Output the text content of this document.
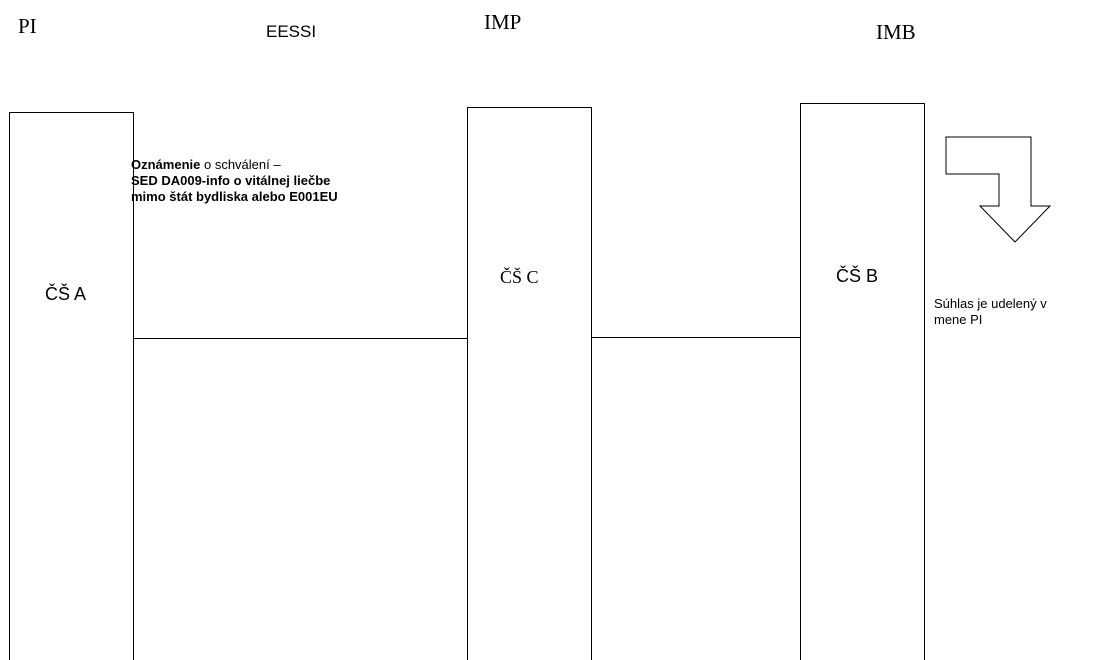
PI	EESSI	IMP	IMB
ČŠ A
ČŠ C	ČŠ B
Oznámenie o schválení –
SED DA009-info o vitálnej liečbe
mimo štát bydliska alebo E001EU
Súhlas je udelený v
mene PI
